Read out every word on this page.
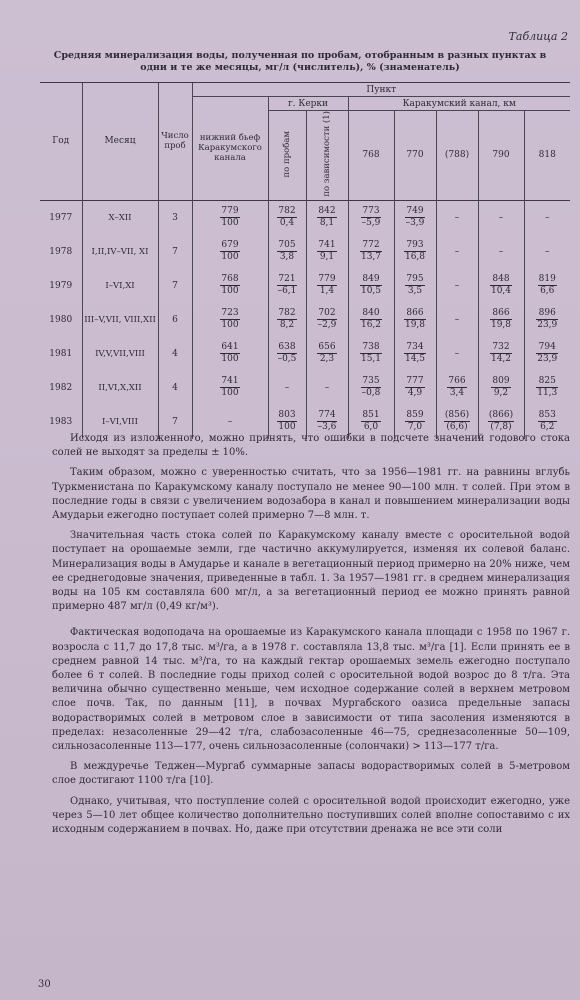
Таблица 2
Средняя минерализация воды, полученная по пробам, отобранным в разных пунктах в одни и те же месяцы, мг/л (числитель), % (знаменатель)
Год	Месяц	Число проб	Пункт							
			нижний бьеф Каракумского канала	г. Керки		Каракумский канал, км				
				по пробам	по зависимости (1)	768	770	(788)	790	818
1977	X–XII	3	$\frac{779}{100}$	$\frac{782}{0,4}$	$\frac{842}{8,1}$	$\frac{773}{-5,9}$	$\frac{749}{-3,9}$	–	–	–
1978	I,II,IV–VII, XI	7	$\frac{679}{100}$	$\frac{705}{3,8}$	$\frac{741}{9,1}$	$\frac{772}{13,7}$	$\frac{793}{16,8}$	–	–	–
1979	I–VI,XI	7	$\frac{768}{100}$	$\frac{721}{-6,1}$	$\frac{779}{1,4}$	$\frac{849}{10,5}$	$\frac{795}{3,5}$	–	$\frac{848}{10,4}$	$\frac{819}{6,6}$

1980	III–V,VII, VIII,XII	6	$\frac{723}{100}$	$\frac{782}{8,2}$	$\frac{702}{-2,9}$	$\frac{840}{16,2}$	$\frac{866}{19,8}$	–	$\frac{866}{19,8}$	$\frac{896}{23,9}$

1981	IV,V,VII,VIII	4	$\frac{641}{100}$	$\frac{638}{-0,5}$	$\frac{656}{2,3}$	$\frac{738}{15,1}$	$\frac{734}{14,5}$	–	$\frac{732}{14,2}$	$\frac{794}{23,9}$

1982	II,VI,X,XII	4	$\frac{741}{100}$	–	–	$\frac{735}{-0,8}$	$\frac{777}{4,9}$	$\frac{766}{3,4}$	$\frac{809}{9,2}$	$\frac{825}{11,3}$

1983	I–VI,VIII	7	–	$\frac{803}{100}$	$\frac{774}{-3,6}$	$\frac{851}{6,0}$	$\frac{859}{7,0}$	$\frac{(856)}{(6,6)}$	$\frac{(866)}{(7,8)}$	$\frac{853}{6,2}$

Исходя из изложенного, можно принять, что ошибки в подсчете значений годового стока солей не выходят за пределы ± 10%.

Таким образом, можно с уверенностью считать, что за 1956—1981 гг. на равнины вглубь Туркменистана по Каракумскому каналу поступало не менее 90—100 млн. т солей. При этом в последние годы в связи с увеличением водозабора в канал и повышением минерализации воды Амударьи ежегодно поступает солей примерно 7—8 млн. т.

Значительная часть стока солей по Каракумскому каналу вместе с оросительной водой поступает на орошаемые земли, где частично аккумулируется, изменяя их солевой баланс. Минерализация воды в Амударье и канале в вегетационный период примерно на 20% ниже, чем ее среднегодовые значения, приведенные в табл. 1. За 1957—1981 гг. в среднем минерализация воды на 105 км составляла 600 мг/л, а за вегетационный период ее можно принять равной примерно 487 мг/л (0,49 кг/м³).

Фактическая водоподача на орошаемые из Каракумского канала площади с 1958 по 1967 г. возросла с 11,7 до 17,8 тыс. м³/га, а в 1978 г. составляла 13,8 тыс. м³/га [1]. Если принять ее в среднем равной 14 тыс. м³/га, то на каждый гектар орошаемых земель ежегодно поступало более 6 т солей. В последние годы приход солей с оросительной водой возрос до 8 т/га. Эта величина обычно существенно меньше, чем исходное содержание солей в верхнем метровом слое почв. Так, по данным [11], в почвах Мургабского оазиса предельные запасы водорастворимых солей в метровом слое в зависимости от типа засоления изменяются в пределах: незасоленные 29—42 т/га, слабозасоленные 46—75, среднезасоленные 50—109, сильнозасоленные 113—177, очень сильнозасоленные (солончаки) > 113—177 т/га.

В междуречье Теджен—Мургаб суммарные запасы водорастворимых солей в 5-метровом слое достигают 1100 т/га [10].

Однако, учитывая, что поступление солей с оросительной водой происходит ежегодно, уже через 5—10 лет общее количество дополнительно поступивших солей вполне сопоставимо с их исходным содержанием в почвах. Но, даже при отсутствии дренажа не все эти соли

30
